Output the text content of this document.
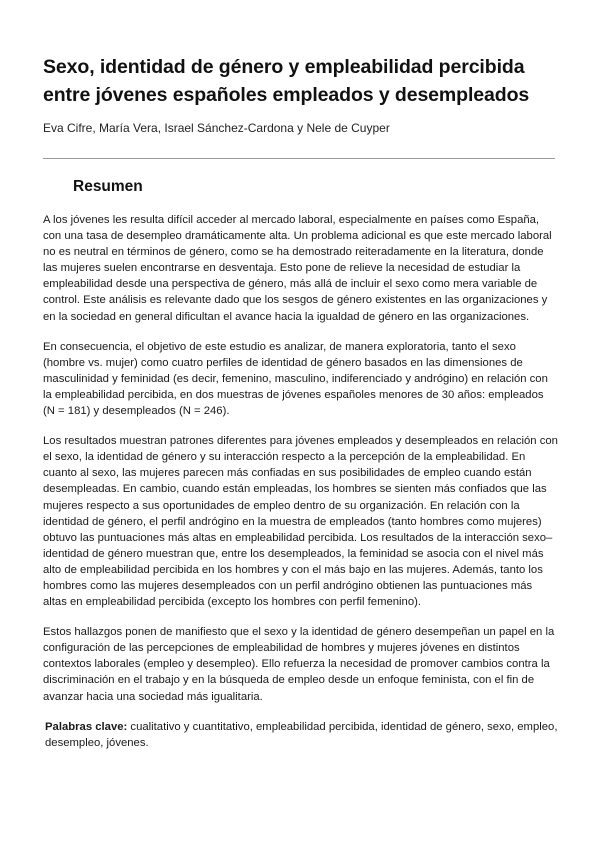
Sexo, identidad de género y empleabilidad percibida
entre jóvenes españoles empleados y desempleados

Eva Cifre, María Vera, Israel Sánchez-Cardona y Nele de Cuyper

Resumen

A los jóvenes les resulta difícil acceder al mercado laboral, especialmente en países como España, con una tasa de desempleo dramáticamente alta. Un problema adicional es que este mercado laboral no es neutral en términos de género, como se ha demostrado reiteradamente en la literatura, donde las mujeres suelen encontrarse en desventaja. Esto pone de relieve la necesidad de estudiar la empleabilidad desde una perspectiva de género, más allá de incluir el sexo como mera variable de control. Este análisis es relevante dado que los sesgos de género existentes en las organizaciones y en la sociedad en general dificultan el avance hacia la igualdad de género en las organizaciones.

En consecuencia, el objetivo de este estudio es analizar, de manera exploratoria, tanto el sexo (hombre vs. mujer) como cuatro perfiles de identidad de género basados en las dimensiones de masculinidad y feminidad (es decir, femenino, masculino, indiferenciado y andrógino) en relación con la empleabilidad percibida, en dos muestras de jóvenes españoles menores de 30 años: empleados (N = 181) y desempleados (N = 246).

Los resultados muestran patrones diferentes para jóvenes empleados y desempleados en relación con el sexo, la identidad de género y su interacción respecto a la percepción de la empleabilidad. En cuanto al sexo, las mujeres parecen más confiadas en sus posibilidades de empleo cuando están desempleadas. En cambio, cuando están empleadas, los hombres se sienten más confiados que las mujeres respecto a sus oportunidades de empleo dentro de su organización. En relación con la identidad de género, el perfil andrógino en la muestra de empleados (tanto hombres como mujeres) obtuvo las puntuaciones más altas en empleabilidad percibida. Los resultados de la interacción sexo–identidad de género muestran que, entre los desempleados, la feminidad se asocia con el nivel más alto de empleabilidad percibida en los hombres y con el más bajo en las mujeres. Además, tanto los hombres como las mujeres desempleados con un perfil andrógino obtienen las puntuaciones más altas en empleabilidad percibida (excepto los hombres con perfil femenino).

Estos hallazgos ponen de manifiesto que el sexo y la identidad de género desempeñan un papel en la configuración de las percepciones de empleabilidad de hombres y mujeres jóvenes en distintos contextos laborales (empleo y desempleo). Ello refuerza la necesidad de promover cambios contra la discriminación en el trabajo y en la búsqueda de empleo desde un enfoque feminista, con el fin de avanzar hacia una sociedad más igualitaria.

Palabras clave: cualitativo y cuantitativo, empleabilidad percibida, identidad de género, sexo, empleo, desempleo, jóvenes.
